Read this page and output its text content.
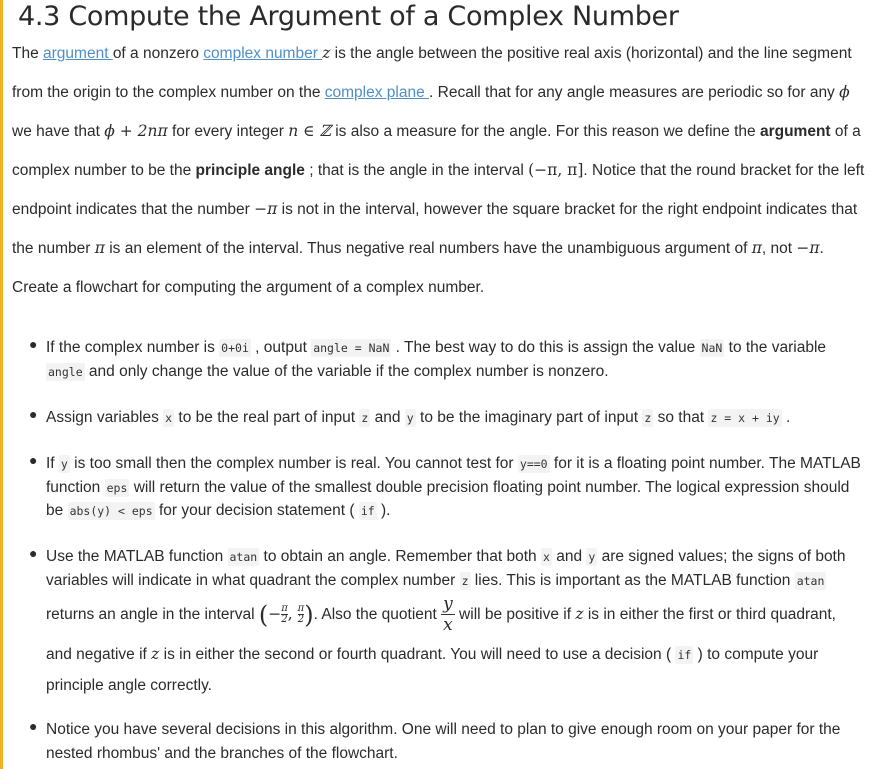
4.3 Compute the Argument of a Complex Number
The argument of a nonzero complex number z is the angle between the positive real axis (horizontal) and the line segment
from the origin to the complex number on the complex plane . Recall that for any angle measures are periodic so for any ϕ
we have that ϕ + 2nπ for every integer n ∈ ℤ is also a measure for the angle. For this reason we define the argument of a
complex number to be the principle angle ; that is the angle in the interval (−π, π]. Notice that the round bracket for the left
endpoint indicates that the number −π is not in the interval, however the square bracket for the right endpoint indicates that
the number π is an element of the interval. Thus negative real numbers have the unambiguous argument of π, not −π.
Create a flowchart for computing the argument of a complex number.
● If the complex number is 0+0i , output angle = NaN . The best way to do this is assign the value NaN to the variable
angle and only change the value of the variable if the complex number is nonzero.
● Assign variables x to be the real part of input z and y to be the imaginary part of input z so that z = x + iy .
● If y is too small then the complex number is real. You cannot test for y==0 for it is a floating point number. The MATLAB
function eps will return the value of the smallest double precision floating point number. The logical expression should
be abs(y) < eps for your decision statement ( if ).
● Use the MATLAB function atan to obtain an angle. Remember that both x and y are signed values; the signs of both
variables will indicate in what quadrant the complex number z lies. This is important as the MATLAB function atan
returns an angle in the interval (− $\frac{\pi}{2}$, $\frac{\pi}{2}$). Also the quotient $\frac{y}{x}$ will be positive if z is in either the first or third quadrant,
and negative if z is in either the second or fourth quadrant. You will need to use a decision ( if ) to compute your
principle angle correctly.
● Notice you have several decisions in this algorithm. One will need to plan to give enough room on your paper for the
nested rhombus' and the branches of the flowchart.
